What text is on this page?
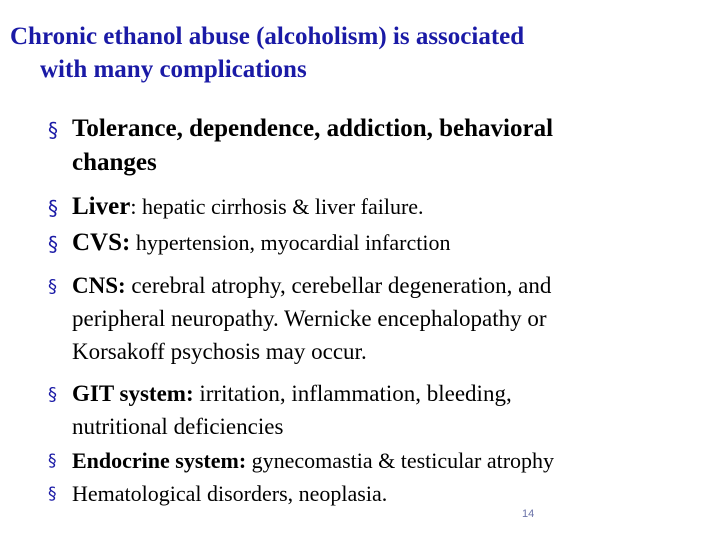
Chronic ethanol abuse (alcoholism) is associated
with many complications
§ Tolerance, dependence, addiction, behavioral
changes
§ Liver: hepatic cirrhosis & liver failure.
§ CVS: hypertension, myocardial infarction
§ CNS: cerebral atrophy, cerebellar degeneration, and
peripheral neuropathy. Wernicke encephalopathy or
Korsakoff psychosis may occur.
§ GIT system: irritation, inflammation, bleeding,
nutritional deficiencies
§ Endocrine system: gynecomastia & testicular atrophy
§ Hematological disorders, neoplasia.
14
